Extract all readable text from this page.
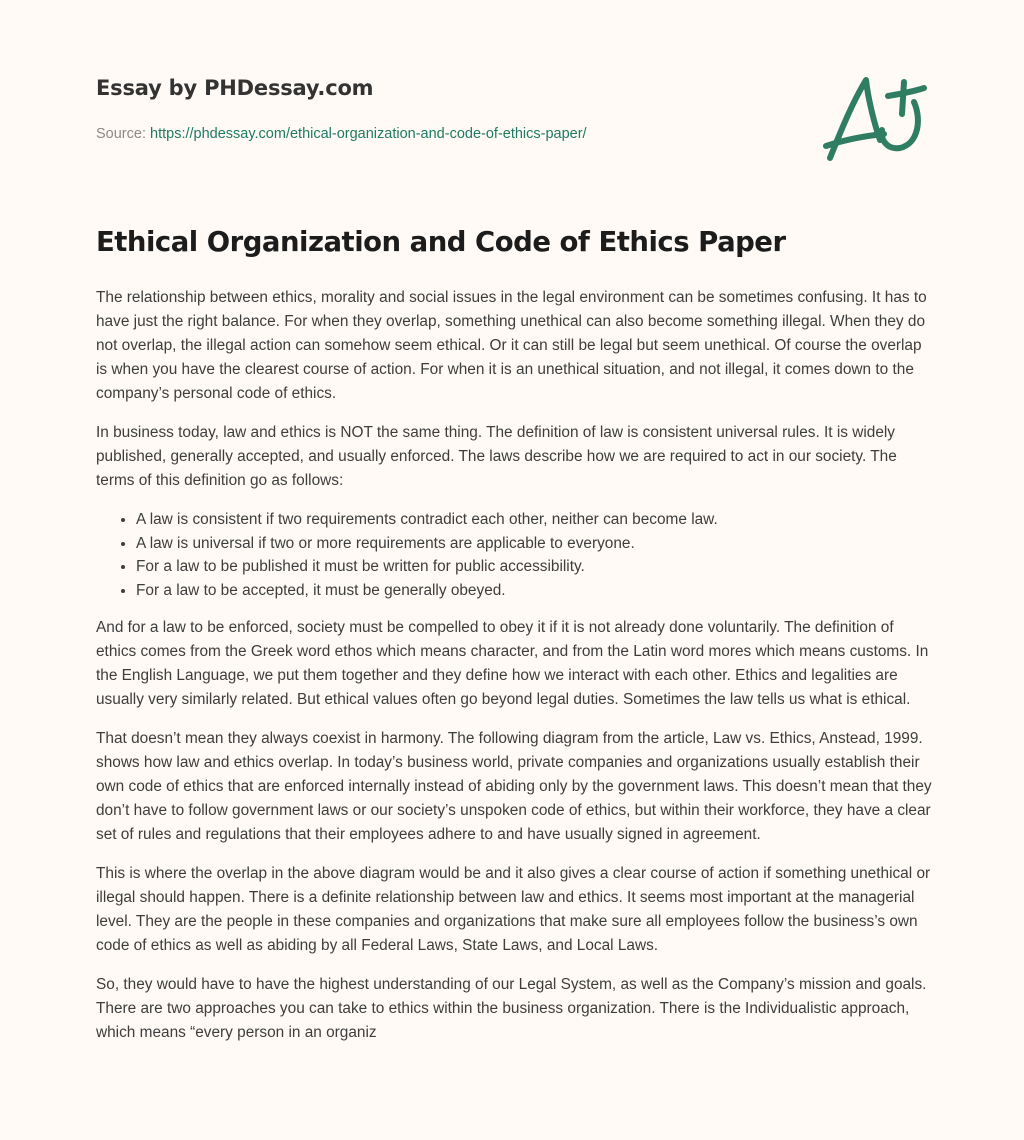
Essay by PHDessay.com
Source: https://phdessay.com/ethical-organization-and-code-of-ethics-paper/
Ethical Organization and Code of Ethics Paper

The relationship between ethics, morality and social issues in the legal environment can be sometimes confusing. It has to have just the right balance. For when they overlap, something unethical can also become something illegal. When they do not overlap, the illegal action can somehow seem ethical. Or it can still be legal but seem unethical. Of course the overlap is when you have the clearest course of action. For when it is an unethical situation, and not illegal, it comes down to the company’s personal code of ethics.

In business today, law and ethics is NOT the same thing. The definition of law is consistent universal rules. It is widely published, generally accepted, and usually enforced. The laws describe how we are required to act in our society. The terms of this definition go as follows:

• A law is consistent if two requirements contradict each other, neither can become law.
• A law is universal if two or more requirements are applicable to everyone.
• For a law to be published it must be written for public accessibility.
• For a law to be accepted, it must be generally obeyed.

And for a law to be enforced, society must be compelled to obey it if it is not already done voluntarily. The definition of ethics comes from the Greek word ethos which means character, and from the Latin word mores which means customs. In the English Language, we put them together and they define how we interact with each other. Ethics and legalities are usually very similarly related. But ethical values often go beyond legal duties. Sometimes the law tells us what is ethical.

That doesn’t mean they always coexist in harmony. The following diagram from the article, Law vs. Ethics, Anstead, 1999. shows how law and ethics overlap. In today’s business world, private companies and organizations usually establish their own code of ethics that are enforced internally instead of abiding only by the government laws. This doesn’t mean that they don’t have to follow government laws or our society’s unspoken code of ethics, but within their workforce, they have a clear set of rules and regulations that their employees adhere to and have usually signed in agreement.

This is where the overlap in the above diagram would be and it also gives a clear course of action if something unethical or illegal should happen. There is a definite relationship between law and ethics. It seems most important at the managerial level. They are the people in these companies and organizations that make sure all employees follow the business’s own code of ethics as well as abiding by all Federal Laws, State Laws, and Local Laws.

So, they would have to have the highest understanding of our Legal System, as well as the Company’s mission and goals. There are two approaches you can take to ethics within the business organization. There is the Individualistic approach, which means “every person in an organiz
